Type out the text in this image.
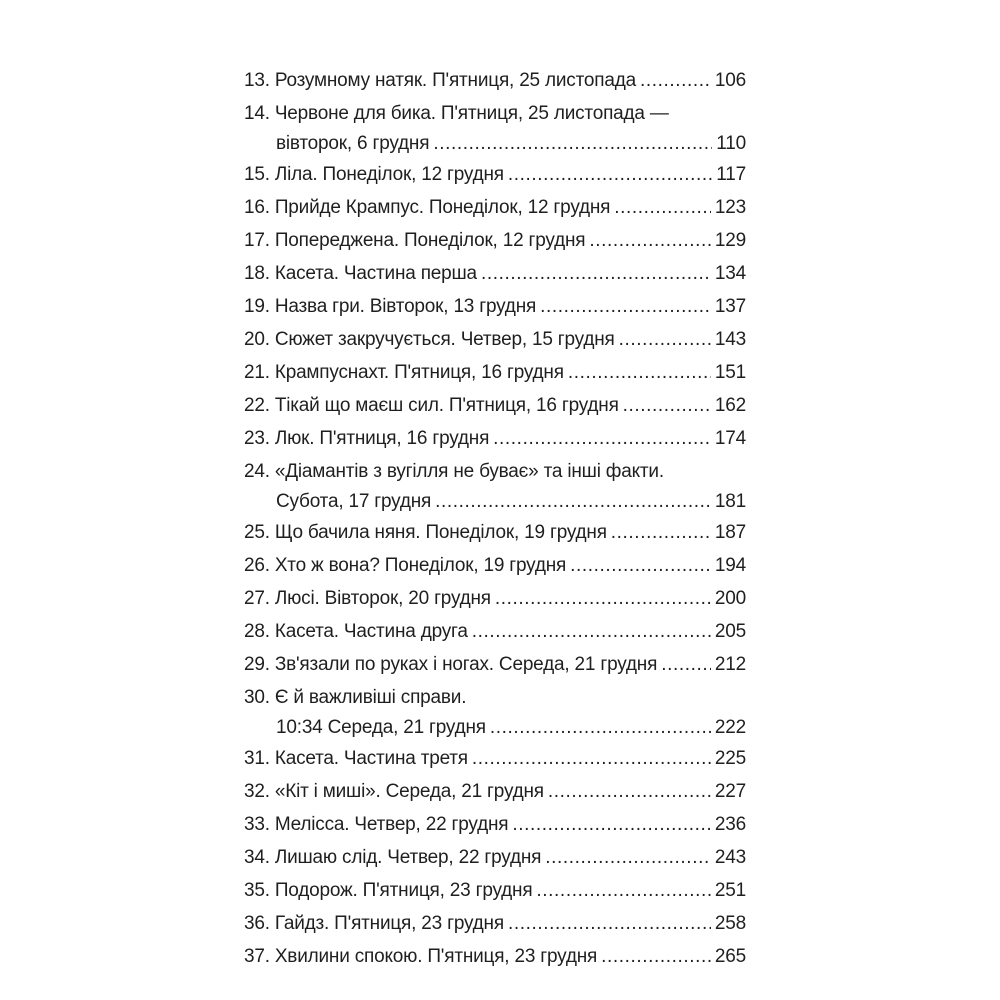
13. Розумному натяк. П'ятниця, 25 листопада .....	106
14. Червоне для бика. П'ятниця, 25 листопада —
вівторок, 6 грудня .....	110
15. Ліла. Понеділок, 12 грудня .....	117
16. Прийде Крампус. Понеділок, 12 грудня .....	123
17. Попереджена. Понеділок, 12 грудня .....	129
18. Касета. Частина перша .....	134
19. Назва гри. Вівторок, 13 грудня .....	137
20. Сюжет закручується. Четвер, 15 грудня .....	143
21. Крампуснахт. П'ятниця, 16 грудня .....	151
22. Тікай що маєш сил. П'ятниця, 16 грудня .....	162
23. Люк. П'ятниця, 16 грудня .....	174
24. «Діамантів з вугілля не буває» та інші факти.
Субота, 17 грудня .....	181
25. Що бачила няня. Понеділок, 19 грудня .....	187
26. Хто ж вона? Понеділок, 19 грудня .....	194
27. Люсі. Вівторок, 20 грудня .....	200
28. Касета. Частина друга .....	205
29. Зв'язали по руках і ногах. Середа, 21 грудня .....	212
30. Є й важливіші справи.
10:34 Середа, 21 грудня .....	222
31. Касета. Частина третя .....	225
32. «Кіт і миші». Середа, 21 грудня .....	227
33. Мелісса. Четвер, 22 грудня .....	236
34. Лишаю слід. Четвер, 22 грудня .....	243
35. Подорож. П'ятниця, 23 грудня .....	251
36. Гайдз. П'ятниця, 23 грудня .....	258
37. Хвилини спокою. П'ятниця, 23 грудня .....	265
